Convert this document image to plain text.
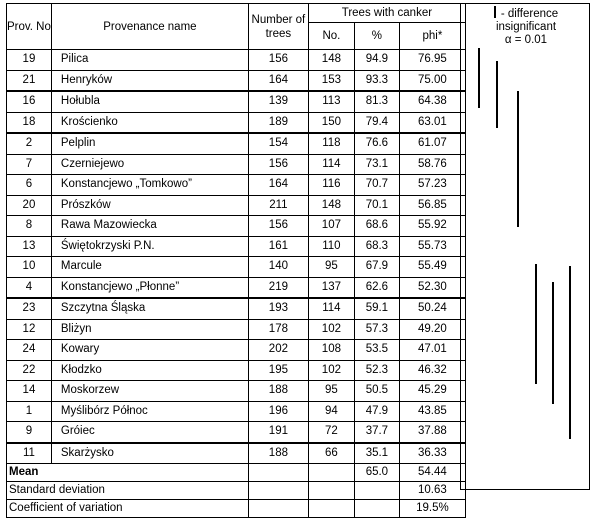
Prov. No	Provenance name	Number of trees	Trees with canker		
			No.	%	phi*
19	Pilica	156	148	94.9	76.95
21	Henryków	164	153	93.3	75.00
16	Hołubla	139	113	81.3	64.38
18	Krościenko	189	150	79.4	63.01
2	Pelplin	154	118	76.6	61.07
7	Czerniejewo	156	114	73.1	58.76
6	Konstancjewo „Tomkowo”	164	116	70.7	57.23
20	Prószków	211	148	70.1	56.85
8	Rawa Mazowiecka	156	107	68.6	55.92
13	Świętokrzyski P.N.	161	110	68.3	55.73
10	Marcule	140	95	67.9	55.49
4	Konstancjewo „Płonne”	219	137	62.6	52.30
23	Szczytna Śląska	193	114	59.1	50.24
12	Bliżyn	178	102	57.3	49.20
24	Kowary	202	108	53.5	47.01
22	Kłodzko	195	102	52.3	46.32
14	Moskorzew	188	95	50.5	45.29
1	Myślibórz Północ	196	94	47.9	43.85
9	Gróiec	191	72	37.7	37.88
11	Skarżysko	188	66	35.1	36.33
Mean				65.0	54.44
Standard deviation					10.63
Coefficient of variation					19.5%
- difference
insignificant
α = 0.01
